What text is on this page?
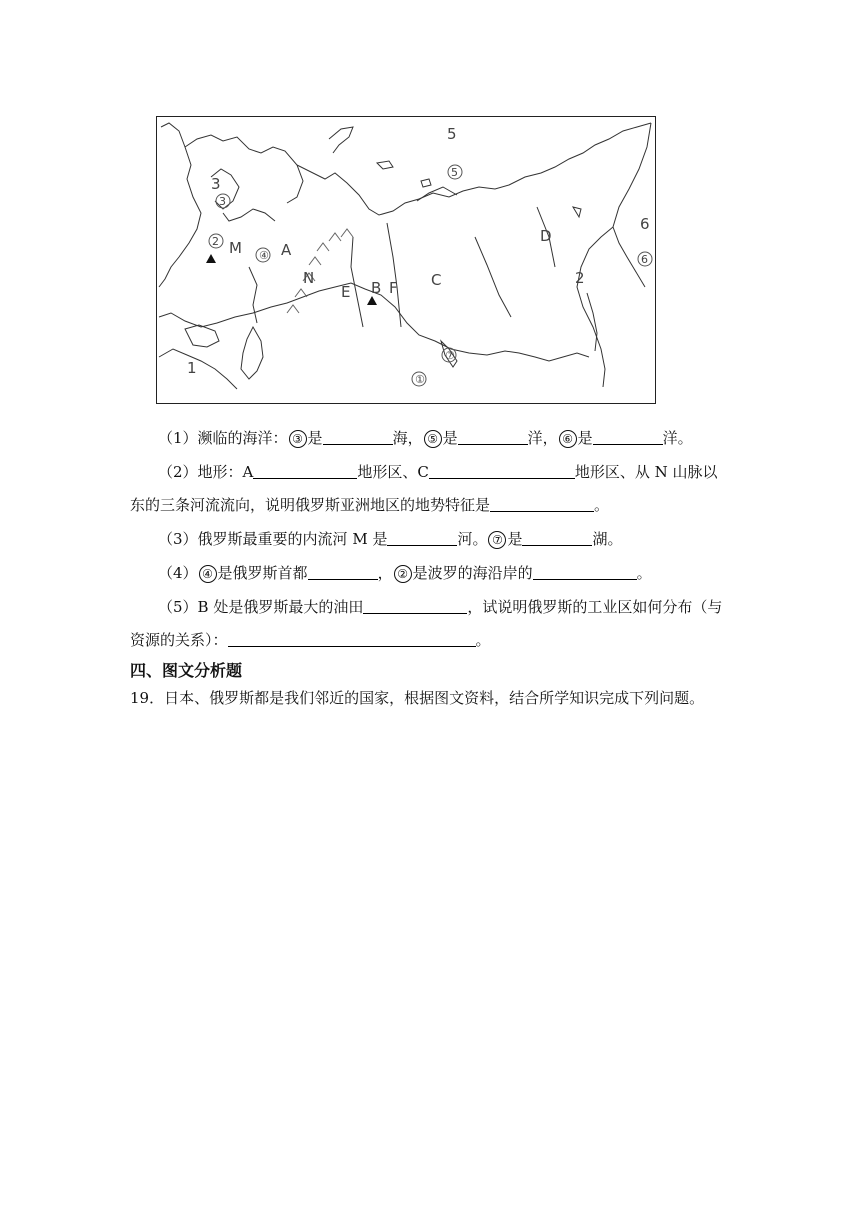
5
5
3
3
2 M ④ A
N
E B F C
D
6
6
2
1
⑦
①
（1）濒临的海洋： ③ 是	海， ⑤ 是	洋， ⑥ 是	洋。
（2）地形：A	地形区、C	地形区、从 N 山脉以
东的三条河流流向，说明俄罗斯亚洲地区的地势特征是	。
（3）俄罗斯最重要的内流河 M 是	河。 ⑦ 是	湖。
（4） ④ 是俄罗斯首都	， ② 是波罗的海沿岸的	。
（5）B 处是俄罗斯最大的油田	，试说明俄罗斯的工业区如何分布（与
资源的关系）：	。
四、图文分析题
19．日本、俄罗斯都是我们邻近的国家，根据图文资料，结合所学知识完成下列问题。
